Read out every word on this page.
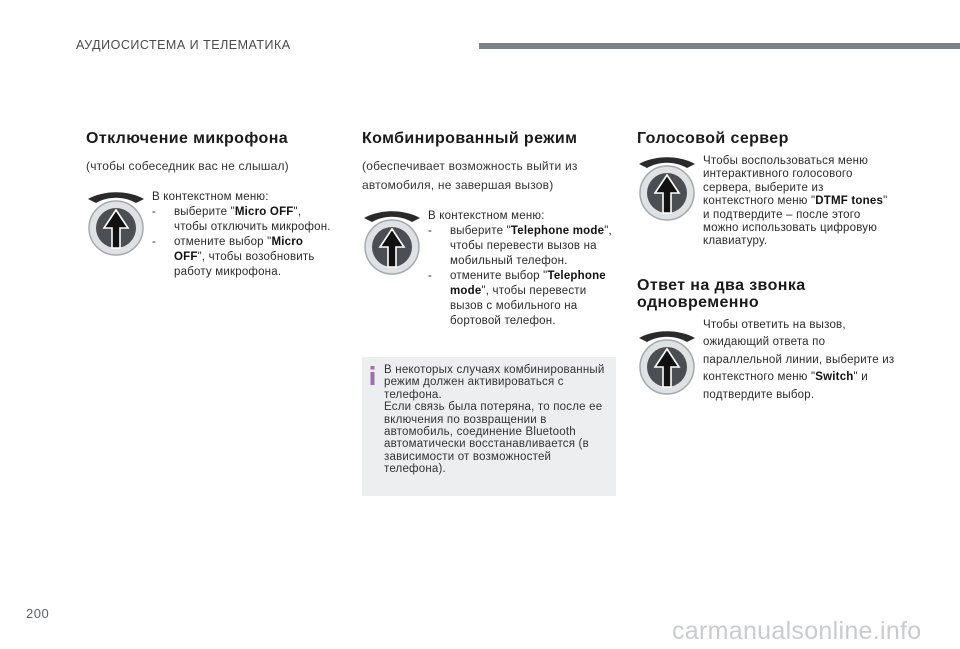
АУДИОСИСТЕМА И ТЕЛЕМАТИКА
Отключение микрофона

(чтобы собеседник вас не слышал)

В контекстном меню:
-	выберите "Micro OFF", чтобы отключить микрофон.
-	отмените выбор "Micro OFF", чтобы возобновить работу микрофона.
Комбинированный режим

(обеспечивает возможность выйти из автомобиля, не завершая вызов)

В контекстном меню:
-	выберите "Telephone mode", чтобы перевести вызов на мобильный телефон.
-	отмените выбор "Telephone mode", чтобы перевести вызов с мобильного на бортовой телефон.
В некоторых случаях комбинированный режим должен активироваться с телефона.
Если связь была потеряна, то после ее включения по возвращении в автомобиль, соединение Bluetooth автоматически восстанавливается (в зависимости от возможностей телефона).
Голосовой сервер
Чтобы воспользоваться меню интерактивного голосового сервера, выберите из контекстного меню "DTMF tones" и подтвердите – после этого можно использовать цифровую клавиатуру.
Ответ на два звонка одновременно
Чтобы ответить на вызов, ожидающий ответа по параллельной линии, выберите из контекстного меню "Switch" и подтвердите выбор.
200
carmanualsonline.info
